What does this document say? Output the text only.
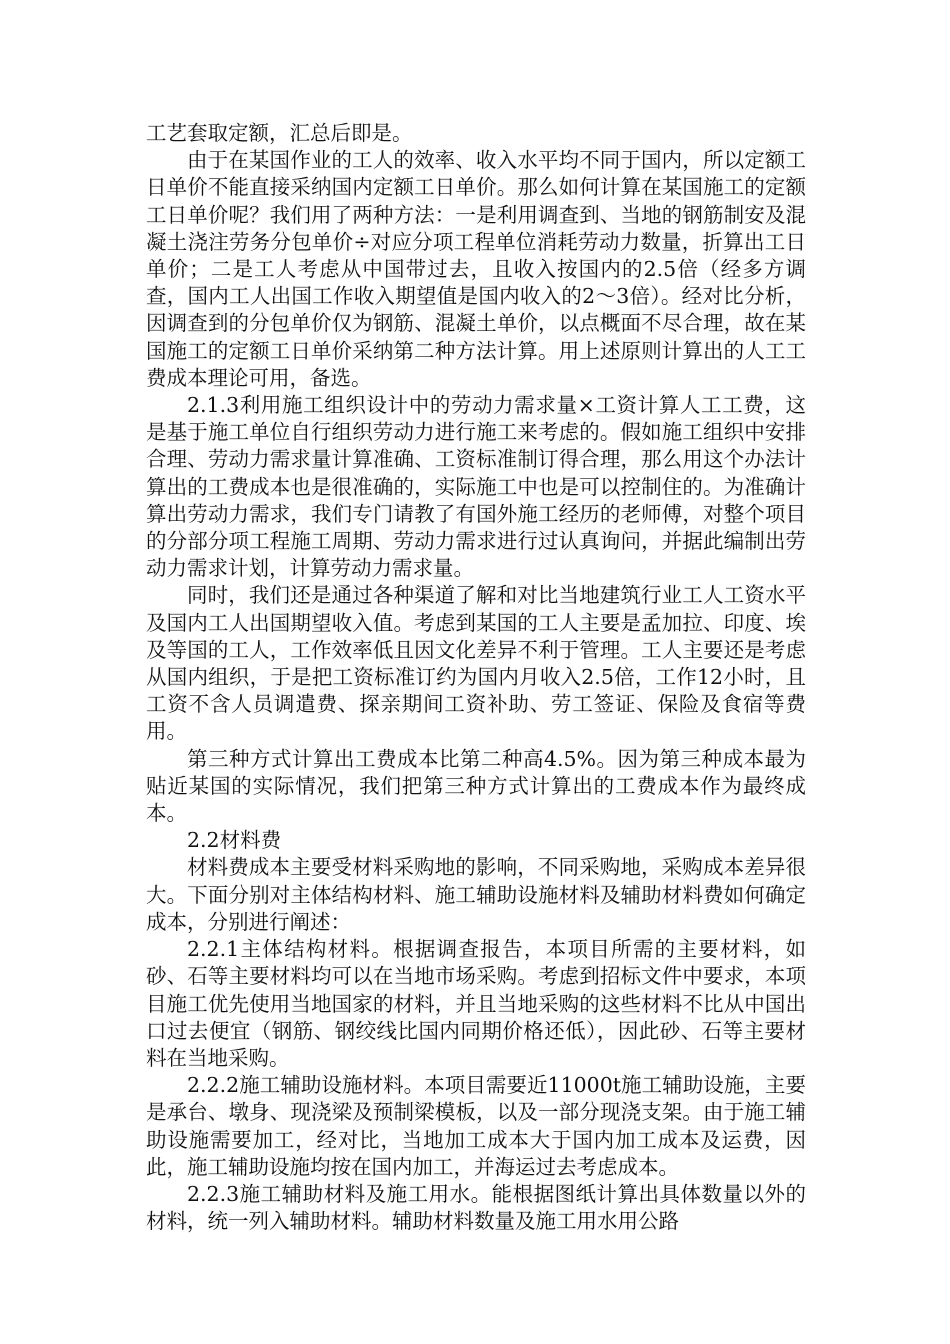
工艺套取定额，汇总后即是。

由于在某国作业的工人的效率、收入水平均不同于国内，所以定额工日单价不能直接采纳国内定额工日单价。那么如何计算在某国施工的定额工日单价呢？我们用了两种方法：一是利用调查到、当地的钢筋制安及混凝土浇注劳务分包单价÷对应分项工程单位消耗劳动力数量，折算出工日单价；二是工人考虑从中国带过去，且收入按国内的2.5倍（经多方调查，国内工人出国工作收入期望值是国内收入的2～3倍）。经对比分析，因调查到的分包单价仅为钢筋、混凝土单价，以点概面不尽合理，故在某国施工的定额工日单价采纳第二种方法计算。用上述原则计算出的人工工费成本理论可用，备选。

2.1.3利用施工组织设计中的劳动力需求量×工资计算人工工费，这是基于施工单位自行组织劳动力进行施工来考虑的。假如施工组织中安排合理、劳动力需求量计算准确、工资标准制订得合理，那么用这个办法计算出的工费成本也是很准确的，实际施工中也是可以控制住的。为准确计算出劳动力需求，我们专门请教了有国外施工经历的老师傅，对整个项目的分部分项工程施工周期、劳动力需求进行过认真询问，并据此编制出劳动力需求计划，计算劳动力需求量。

同时，我们还是通过各种渠道了解和对比当地建筑行业工人工资水平及国内工人出国期望收入值。考虑到某国的工人主要是孟加拉、印度、埃及等国的工人，工作效率低且因文化差异不利于管理。工人主要还是考虑从国内组织，于是把工资标准订约为国内月收入2.5倍，工作12小时，且工资不含人员调遣费、探亲期间工资补助、劳工签证、保险及食宿等费用。

第三种方式计算出工费成本比第二种高4.5%。因为第三种成本最为贴近某国的实际情况，我们把第三种方式计算出的工费成本作为最终成本。

2.2材料费

材料费成本主要受材料采购地的影响，不同采购地，采购成本差异很大。下面分别对主体结构材料、施工辅助设施材料及辅助材料费如何确定成本，分别进行阐述：

2.2.1主体结构材料。根据调查报告，本项目所需的主要材料，如砂、石等主要材料均可以在当地市场采购。考虑到招标文件中要求，本项目施工优先使用当地国家的材料，并且当地采购的这些材料不比从中国出口过去便宜（钢筋、钢绞线比国内同期价格还低），因此砂、石等主要材料在当地采购。

2.2.2施工辅助设施材料。本项目需要近11000t施工辅助设施，主要是承台、墩身、现浇梁及预制梁模板，以及一部分现浇支架。由于施工辅助设施需要加工，经对比，当地加工成本大于国内加工成本及运费，因此，施工辅助设施均按在国内加工，并海运过去考虑成本。

2.2.3施工辅助材料及施工用水。能根据图纸计算出具体数量以外的材料，统一列入辅助材料。辅助材料数量及施工用水用公路
